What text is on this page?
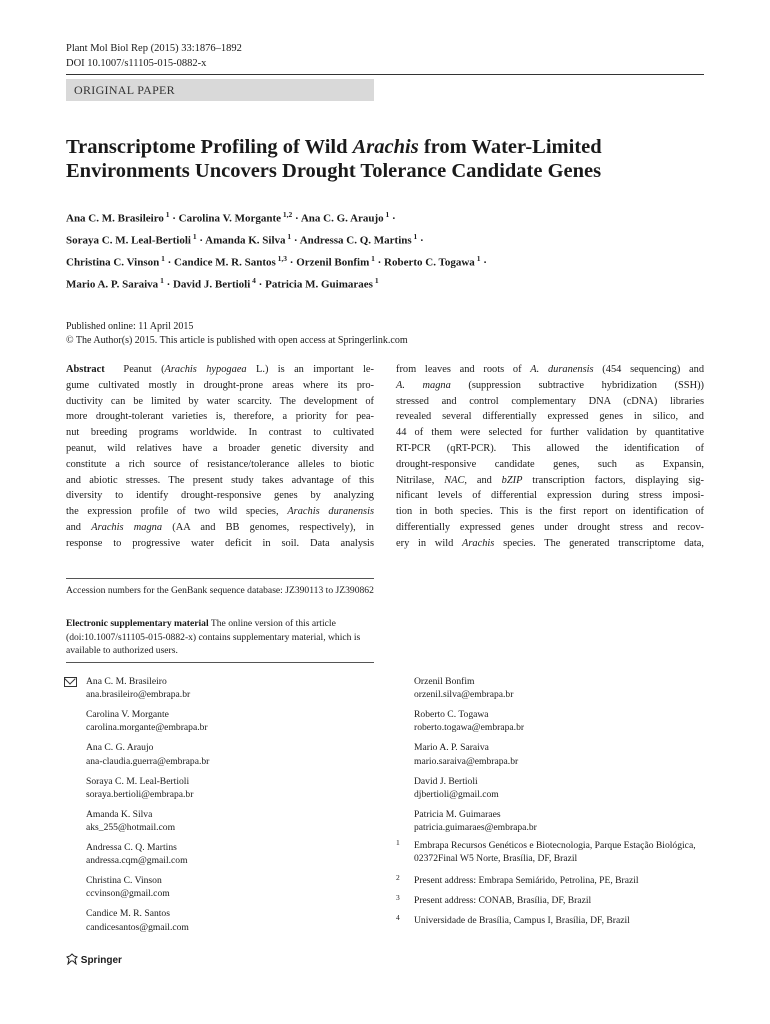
Plant Mol Biol Rep (2015) 33:1876–1892
DOI 10.1007/s11105-015-0882-x
ORIGINAL PAPER
Transcriptome Profiling of Wild Arachis from Water-Limited Environments Uncovers Drought Tolerance Candidate Genes
Ana C. M. Brasileiro $^1$ · Carolina V. Morgante $^{1,2}$ · Ana C. G. Araujo $^1$ ·
Soraya C. M. Leal-Bertioli $^1$ · Amanda K. Silva $^1$ · Andressa C. Q. Martins $^1$ ·
Christina C. Vinson $^1$ · Candice M. R. Santos $^{1,3}$ · Orzenil Bonfim $^1$ · Roberto C. Togawa $^1$ ·
Mario A. P. Saraiva $^1$ · David J. Bertioli $^4$ · Patricia M. Guimaraes $^1$
Published online: 11 April 2015
© The Author(s) 2015. This article is published with open access at Springerlink.com
Abstract  Peanut (Arachis hypogaea L.) is an important le-
gume cultivated mostly in drought-prone areas where its pro-
ductivity can be limited by water scarcity. The development of
more drought-tolerant varieties is, therefore, a priority for pea-
nut breeding programs worldwide. In contrast to cultivated
peanut, wild relatives have a broader genetic diversity and
constitute a rich source of resistance/tolerance alleles to biotic
and abiotic stresses. The present study takes advantage of this
diversity to identify drought-responsive genes by analyzing
the expression profile of two wild species, Arachis duranensis
and Arachis magna (AA and BB genomes, respectively), in
response to progressive water deficit in soil. Data analysis
from leaves and roots of A. duranensis (454 sequencing) and
A. magna (suppression subtractive hybridization (SSH))
stressed and control complementary DNA (cDNA) libraries
revealed several differentially expressed genes in silico, and
44 of them were selected for further validation by quantitative
RT-PCR (qRT-PCR). This allowed the identification of
drought-responsive candidate genes, such as Expansin,
Nitrilase, NAC, and bZIP transcription factors, displaying sig-
nificant levels of differential expression during stress imposi-
tion in both species. This is the first report on identification of
differentially expressed genes under drought stress and recov-
ery in wild Arachis species. The generated transcriptome data,
Accession numbers for the GenBank sequence database: JZ390113 to JZ390862
Electronic supplementary material The online version of this article (doi:10.1007/s11105-015-0882-x) contains supplementary material, which is available to authorized users.
Ana C. M. Brasileiro
ana.brasileiro@embrapa.br
Carolina V. Morgante
carolina.morgante@embrapa.br
Ana C. G. Araujo
ana-claudia.guerra@embrapa.br
Soraya C. M. Leal-Bertioli
soraya.bertioli@embrapa.br
Amanda K. Silva
aks_255@hotmail.com
Andressa C. Q. Martins
andressa.cqm@gmail.com
Christina C. Vinson
ccvinson@gmail.com
Candice M. R. Santos
candicesantos@gmail.com
Orzenil Bonfim
orzenil.silva@embrapa.br
Roberto C. Togawa
roberto.togawa@embrapa.br
Mario A. P. Saraiva
mario.saraiva@embrapa.br
David J. Bertioli
djbertioli@gmail.com
Patricia M. Guimaraes
patricia.guimaraes@embrapa.br
1 Embrapa Recursos Genéticos e Biotecnologia, Parque Estação Biológica, 02372Final W5 Norte, Brasília, DF, Brazil
2 Present address: Embrapa Semiárido, Petrolina, PE, Brazil
3 Present address: CONAB, Brasília, DF, Brazil
4 Universidade de Brasília, Campus I, Brasília, DF, Brazil
Springer
